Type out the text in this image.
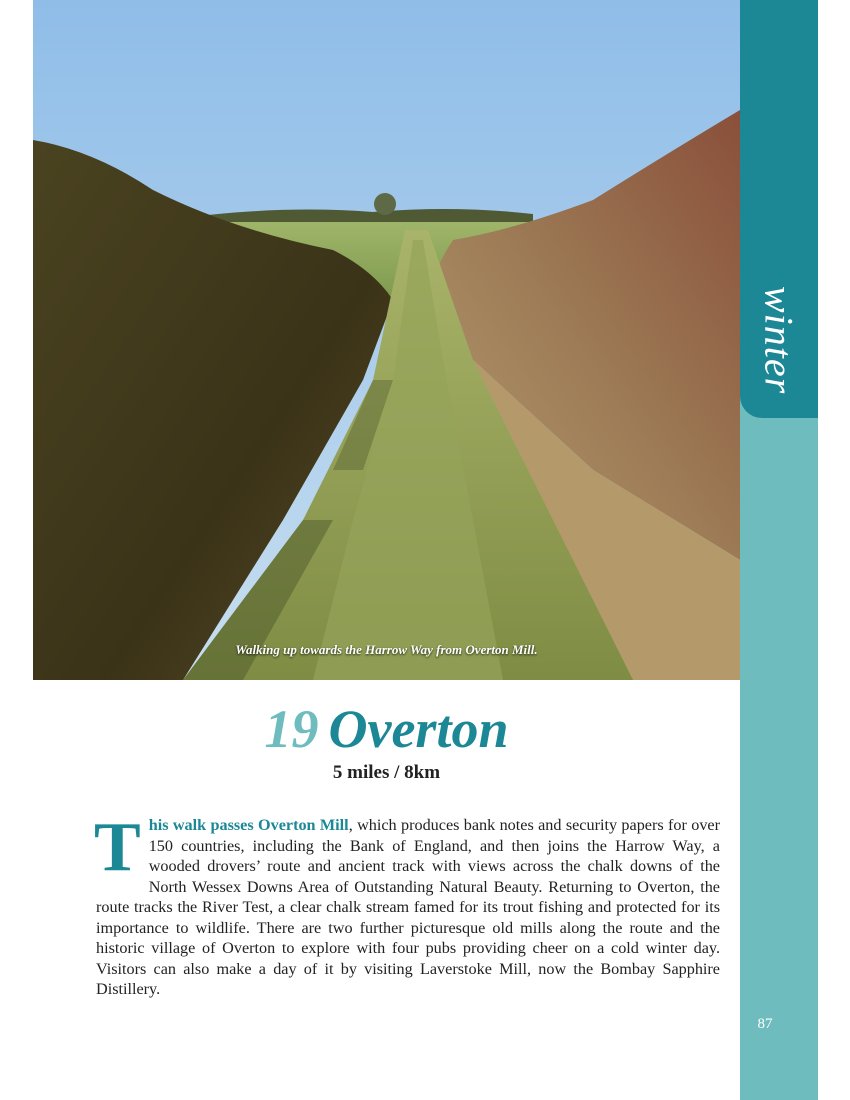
winter
Walking up towards the Harrow Way from Overton Mill.
19 Overton
5 miles / 8km

This walk passes Overton Mill, which produces bank notes and security papers for over 150 countries, including the Bank of England, and then joins the Harrow Way, a wooded drovers’ route and ancient track with views across the chalk downs of the North Wessex Downs Area of Outstanding Natural Beauty. Returning to Overton, the route tracks the River Test, a clear chalk stream famed for its trout fishing and protected for its importance to wildlife. There are two further picturesque old mills along the route and the historic village of Overton to explore with four pubs providing cheer on a cold winter day. Visitors can also make a day of it by visiting Laverstoke Mill, now the Bombay Sapphire Distillery.

87
